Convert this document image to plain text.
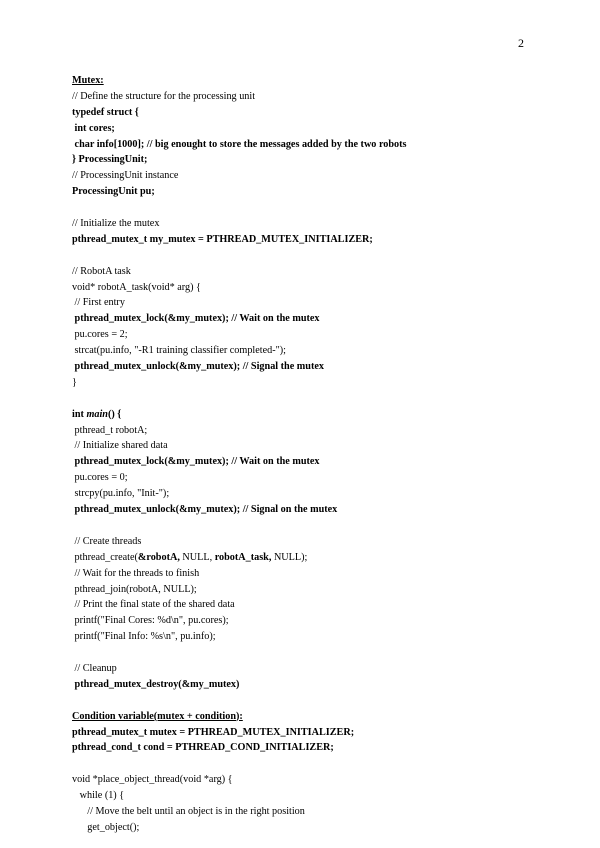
2
Mutex:
// Define the structure for the processing unit
typedef struct {
int cores;
char info[1000]; // big enought to store the messages added by the two robots
} ProcessingUnit;
// ProcessingUnit instance
ProcessingUnit pu;
// Initialize the mutex
pthread_mutex_t my_mutex = PTHREAD_MUTEX_INITIALIZER;
// RobotA task
void* robotA_task(void* arg) {
// First entry
pthread_mutex_lock(&my_mutex); // Wait on the mutex
pu.cores = 2;
strcat(pu.info, "-R1 training classifier completed-");
pthread_mutex_unlock(&my_mutex); // Signal the mutex
}
int main() {
pthread_t robotA;
// Initialize shared data
pthread_mutex_lock(&my_mutex); // Wait on the mutex
pu.cores = 0;
strcpy(pu.info, "Init-");
pthread_mutex_unlock(&my_mutex); // Signal on the mutex
// Create threads
pthread_create(&robotA, NULL, robotA_task, NULL);
// Wait for the threads to finish
pthread_join(robotA, NULL);
// Print the final state of the shared data
printf("Final Cores: %d\n", pu.cores);
printf("Final Info: %s\n", pu.info);
// Cleanup
pthread_mutex_destroy(&my_mutex)
Condition variable(mutex + condition):
pthread_mutex_t mutex = PTHREAD_MUTEX_INITIALIZER;
pthread_cond_t cond = PTHREAD_COND_INITIALIZER;
void *place_object_thread(void *arg) {
while (1) {
// Move the belt until an object is in the right position
get_object();
